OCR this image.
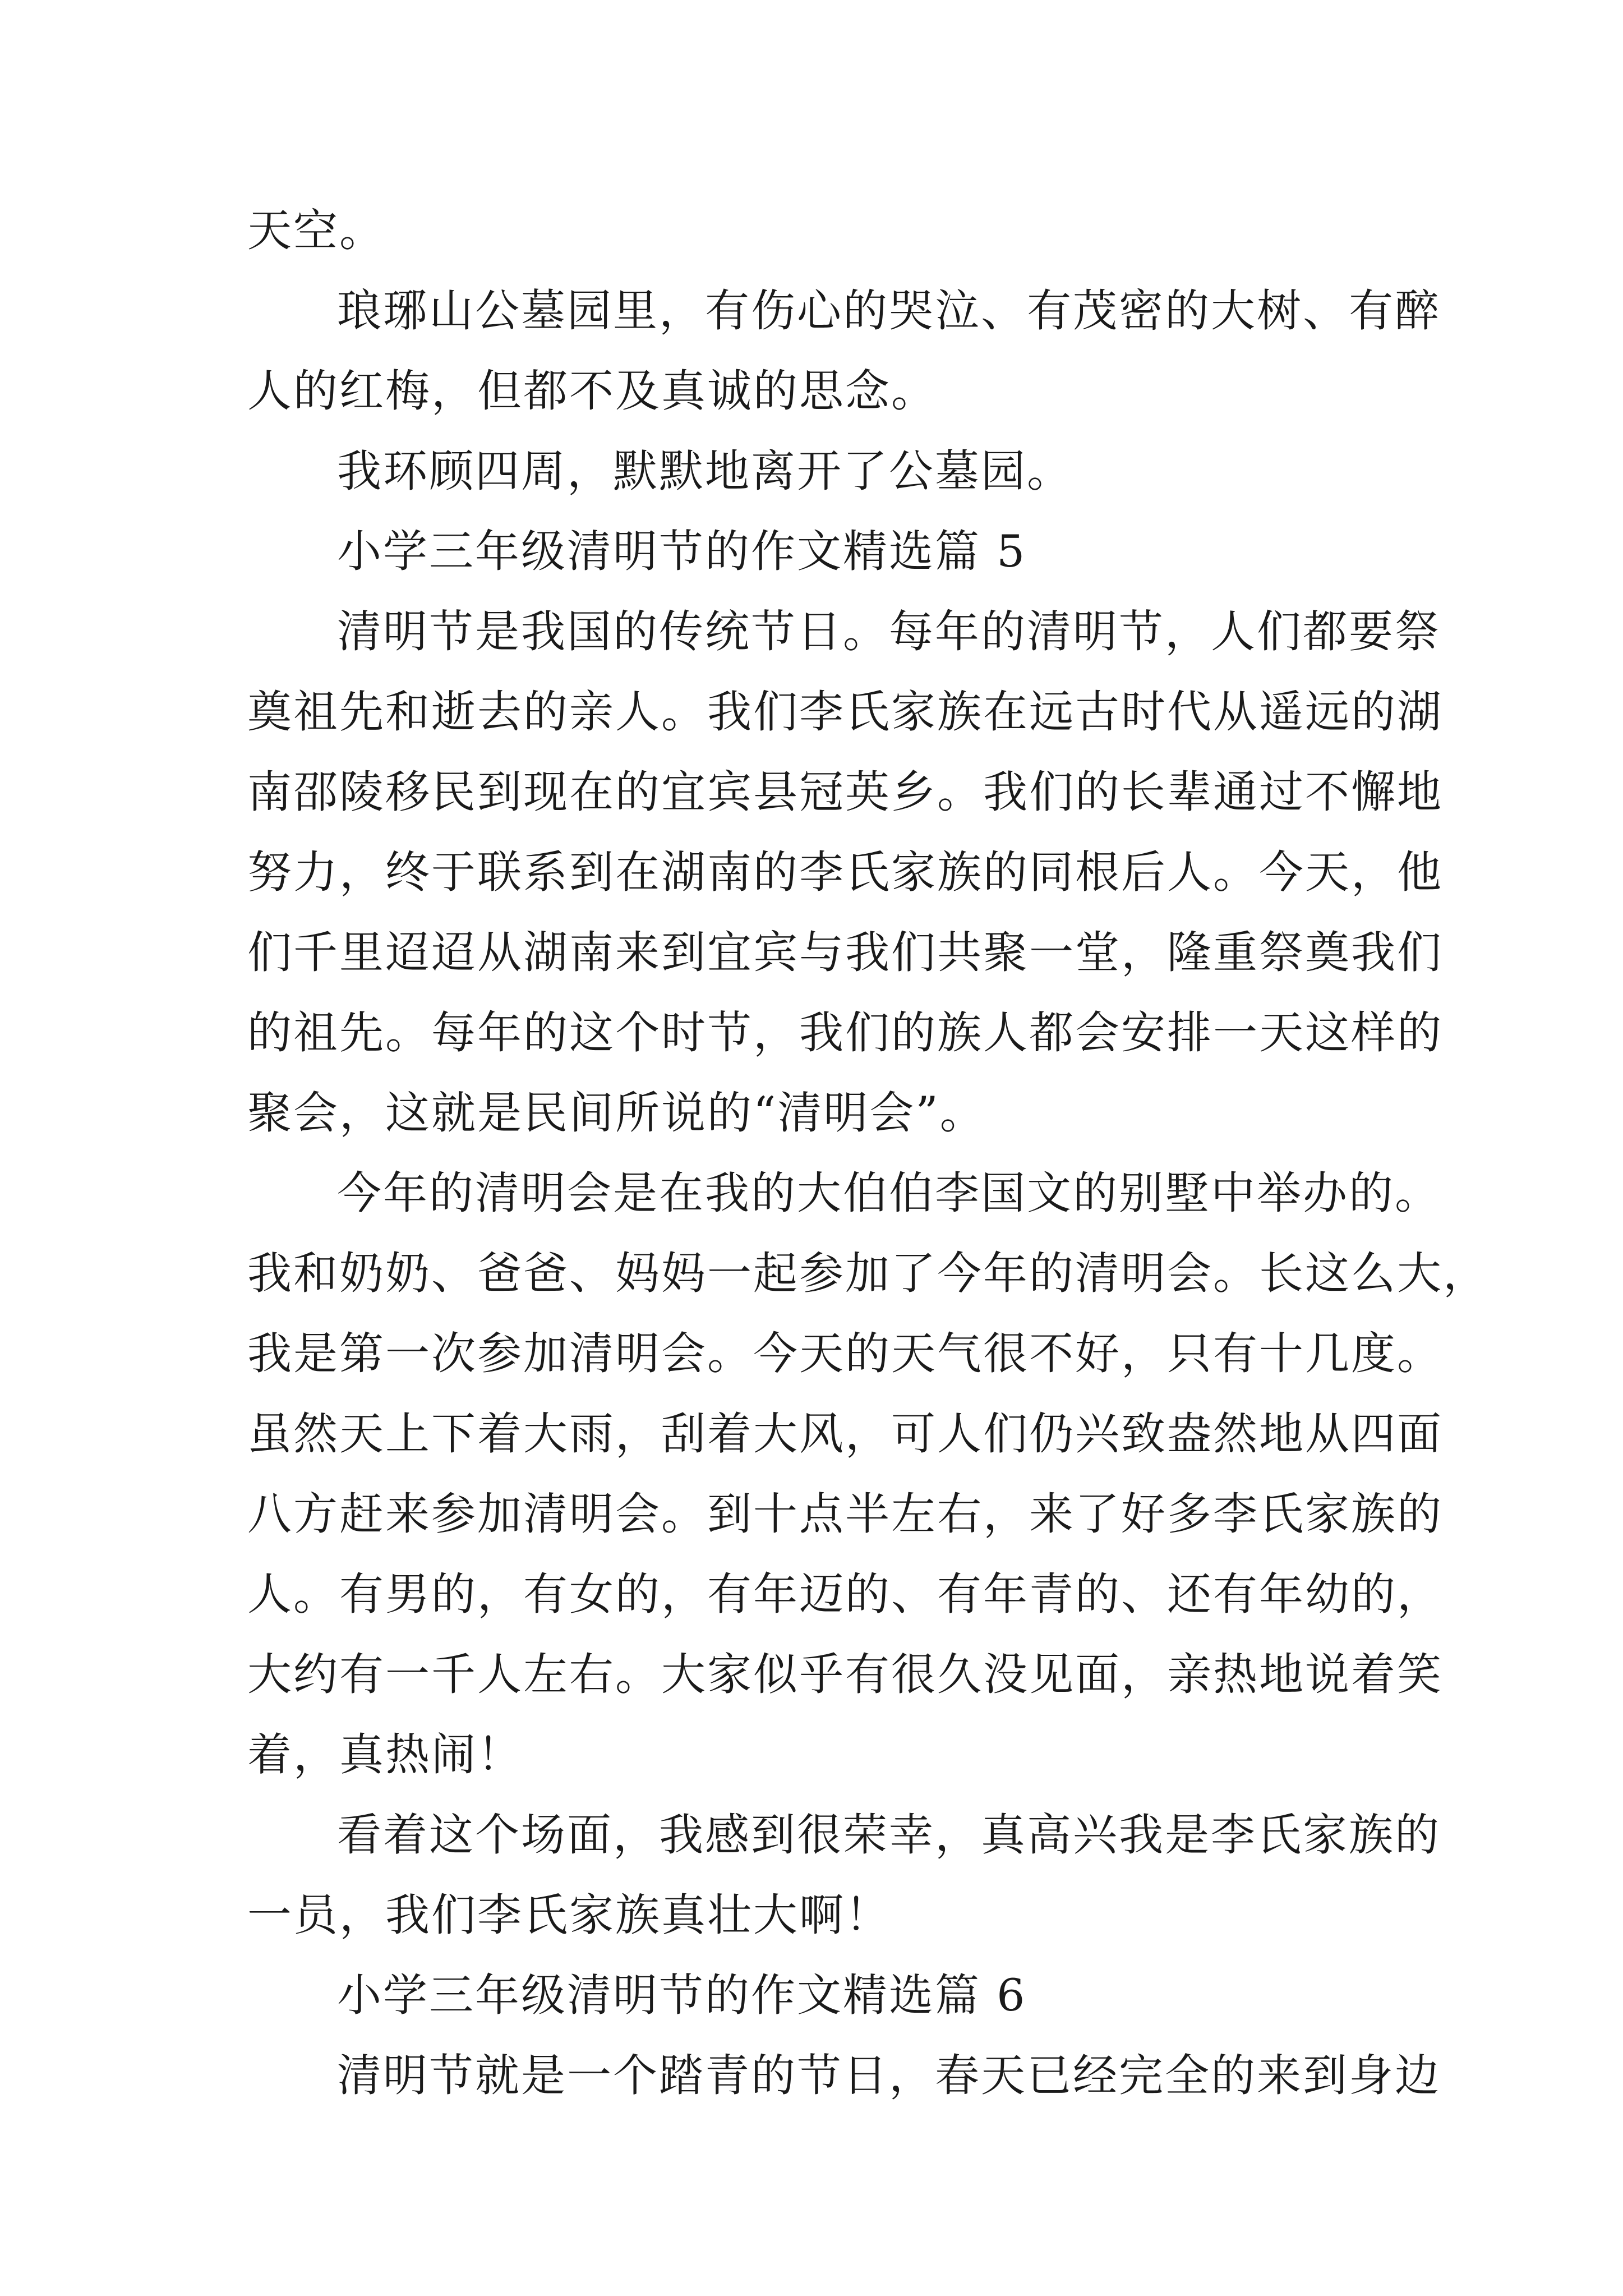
天空。
琅琊山公墓园里，有伤心的哭泣、有茂密的大树、有醉
人的红梅，但都不及真诚的思念。
我环顾四周，默默地离开了公墓园。
小学三年级清明节的作文精选篇 5
清明节是我国的传统节日。每年的清明节，人们都要祭
奠祖先和逝去的亲人。我们李氏家族在远古时代从遥远的湖
南邵陵移民到现在的宜宾县冠英乡。我们的长辈通过不懈地
努力，终于联系到在湖南的李氏家族的同根后人。今天，他
们千里迢迢从湖南来到宜宾与我们共聚一堂，隆重祭奠我们
的祖先。每年的这个时节，我们的族人都会安排一天这样的
聚会，这就是民间所说的“清明会”。
今年的清明会是在我的大伯伯李国文的别墅中举办的。
我和奶奶、爸爸、妈妈一起参加了今年的清明会。长这么大，
我是第一次参加清明会。今天的天气很不好，只有十几度。
虽然天上下着大雨，刮着大风，可人们仍兴致盎然地从四面
八方赶来参加清明会。到十点半左右，来了好多李氏家族的
人。有男的，有女的，有年迈的、有年青的、还有年幼的，
大约有一千人左右。大家似乎有很久没见面，亲热地说着笑
着，真热闹！
看着这个场面，我感到很荣幸，真高兴我是李氏家族的
一员，我们李氏家族真壮大啊！
小学三年级清明节的作文精选篇 6
清明节就是一个踏青的节日，春天已经完全的来到身边
